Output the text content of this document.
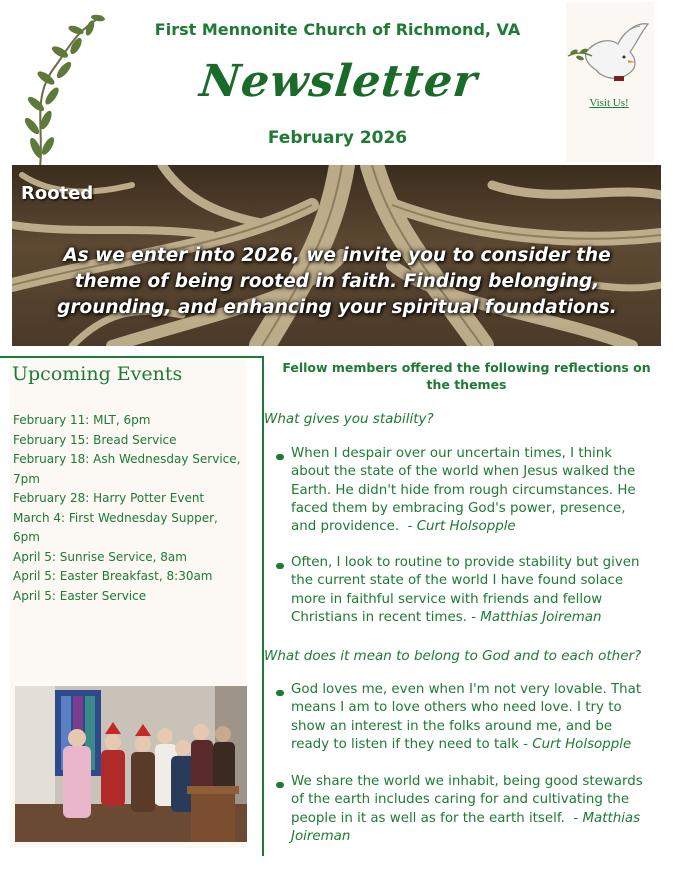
First Mennonite Church of Richmond, VA
Newsletter
February 2026
Visit Us!
Rooted
As we enter into 2026, we invite you to consider the theme of being rooted in faith. Finding belonging, grounding, and enhancing your spiritual foundations.
Upcoming Events
February 11: MLT, 6pm
February 15: Bread Service
February 18: Ash Wednesday Service, 7pm
February 28: Harry Potter Event
March 4: First Wednesday Supper, 6pm
April 5: Sunrise Service, 8am
April 5: Easter Breakfast, 8:30am
April 5: Easter Service
Fellow members offered the following reflections on the themes
What gives you stability?
When I despair over our uncertain times, I think about the state of the world when Jesus walked the Earth. He didn't hide from rough circumstances. He faced them by embracing God's power, presence, and providence.  - Curt Holsopple
Often, I look to routine to provide stability but given the current state of the world I have found solace more in faithful service with friends and fellow Christians in recent times. - Matthias Joireman
What does it mean to belong to God and to each other?
God loves me, even when I'm not very lovable. That means I am to love others who need love. I try to show an interest in the folks around me, and be ready to listen if they need to talk - Curt Holsopple
We share the world we inhabit, being good stewards of the earth includes caring for and cultivating the people in it as well as for the earth itself.  - Matthias Joireman
